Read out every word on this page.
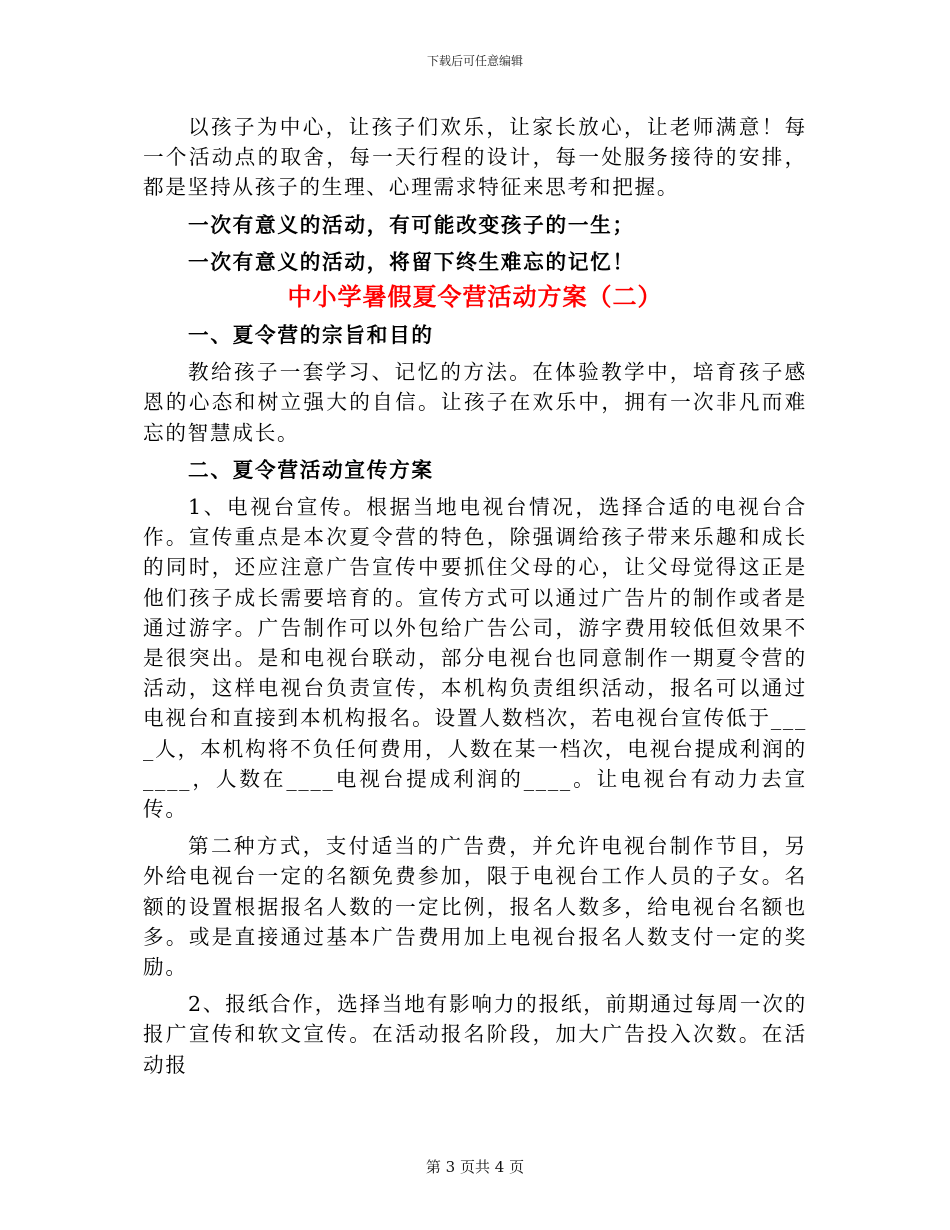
下载后可任意编辑

以孩子为中心，让孩子们欢乐，让家长放心，让老师满意！每一个活动点的取舍，每一天行程的设计，每一处服务接待的安排，都是坚持从孩子的生理、心理需求特征来思考和把握。

一次有意义的活动，有可能改变孩子的一生；

一次有意义的活动，将留下终生难忘的记忆！

中小学暑假夏令营活动方案（二）

一、夏令营的宗旨和目的

教给孩子一套学习、记忆的方法。在体验教学中，培育孩子感恩的心态和树立强大的自信。让孩子在欢乐中，拥有一次非凡而难忘的智慧成长。

二、夏令营活动宣传方案

1、电视台宣传。根据当地电视台情况，选择合适的电视台合作。宣传重点是本次夏令营的特色，除强调给孩子带来乐趣和成长的同时，还应注意广告宣传中要抓住父母的心，让父母觉得这正是他们孩子成长需要培育的。宣传方式可以通过广告片的制作或者是通过游字。广告制作可以外包给广告公司，游字费用较低但效果不是很突出。是和电视台联动，部分电视台也同意制作一期夏令营的活动，这样电视台负责宣传，本机构负责组织活动，报名可以通过电视台和直接到本机构报名。设置人数档次，若电视台宣传低于____人，本机构将不负任何费用，人数在某一档次，电视台提成利润的____，人数在____电视台提成利润的____。让电视台有动力去宣传。

第二种方式，支付适当的广告费，并允许电视台制作节目，另外给电视台一定的名额免费参加，限于电视台工作人员的子女。名额的设置根据报名人数的一定比例，报名人数多，给电视台名额也多。或是直接通过基本广告费用加上电视台报名人数支付一定的奖励。

2、报纸合作，选择当地有影响力的报纸，前期通过每周一次的报广宣传和软文宣传。在活动报名阶段，加大广告投入次数。在活动报

第 3 页共 4 页
